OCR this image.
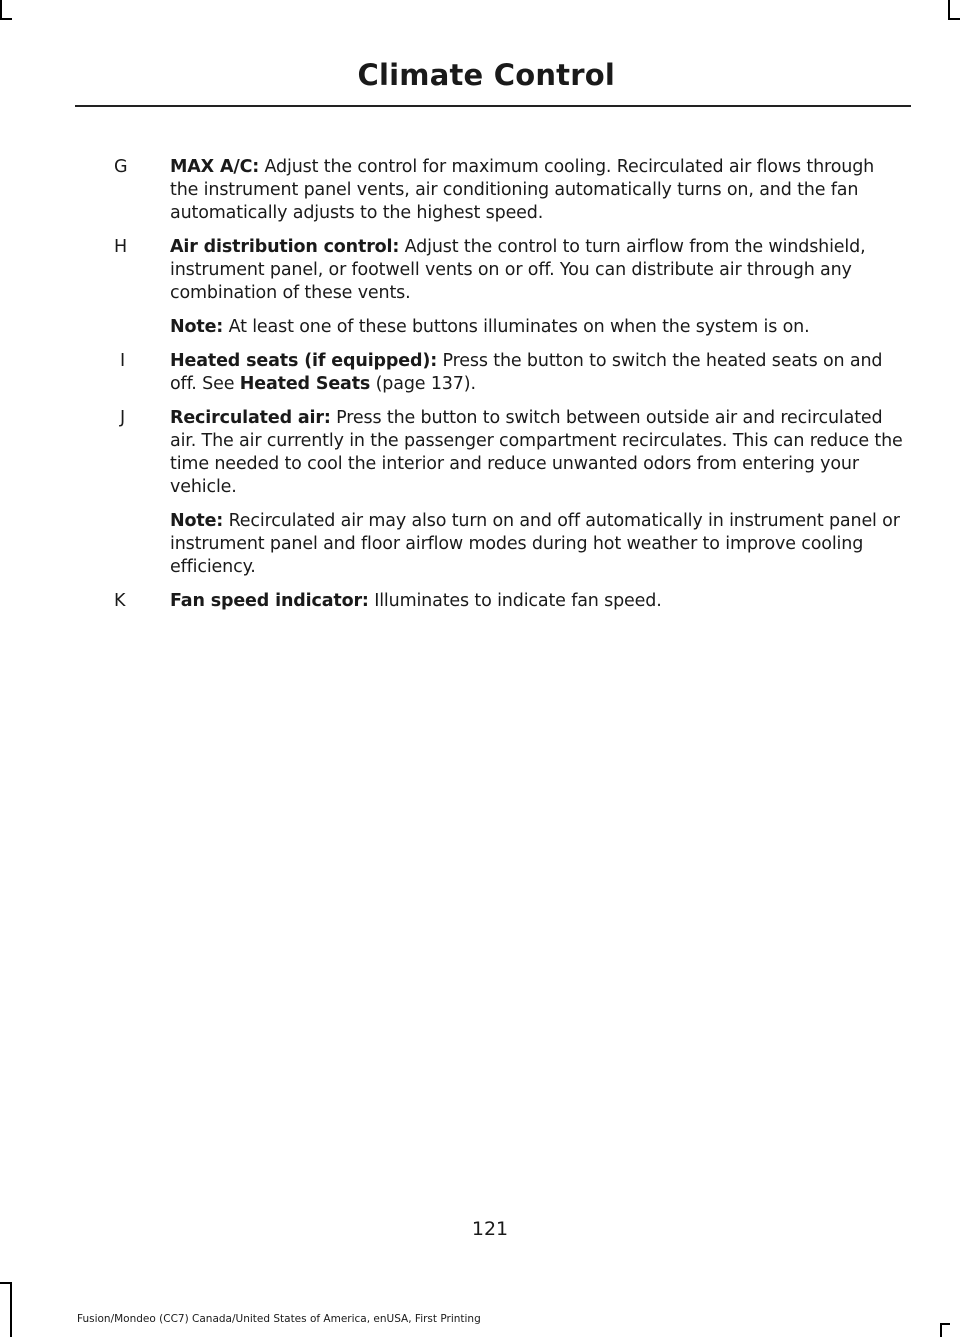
Climate Control
G	MAX A/C: Adjust the control for maximum cooling. Recirculated air flows through the instrument panel vents, air conditioning automatically turns on, and the fan automatically adjusts to the highest speed.
H	Air distribution control: Adjust the control to turn airflow from the windshield, instrument panel, or footwell vents on or off. You can distribute air through any combination of these vents.
Note: At least one of these buttons illuminates on when the system is on.
I	Heated seats (if equipped): Press the button to switch the heated seats on and off. See Heated Seats (page 137).
J	Recirculated air: Press the button to switch between outside air and recirculated air. The air currently in the passenger compartment recirculates. This can reduce the time needed to cool the interior and reduce unwanted odors from entering your vehicle.
Note: Recirculated air may also turn on and off automatically in instrument panel or instrument panel and floor airflow modes during hot weather to improve cooling efficiency.
K	Fan speed indicator: Illuminates to indicate fan speed.
121
Fusion/Mondeo (CC7) Canada/United States of America, enUSA, First Printing
